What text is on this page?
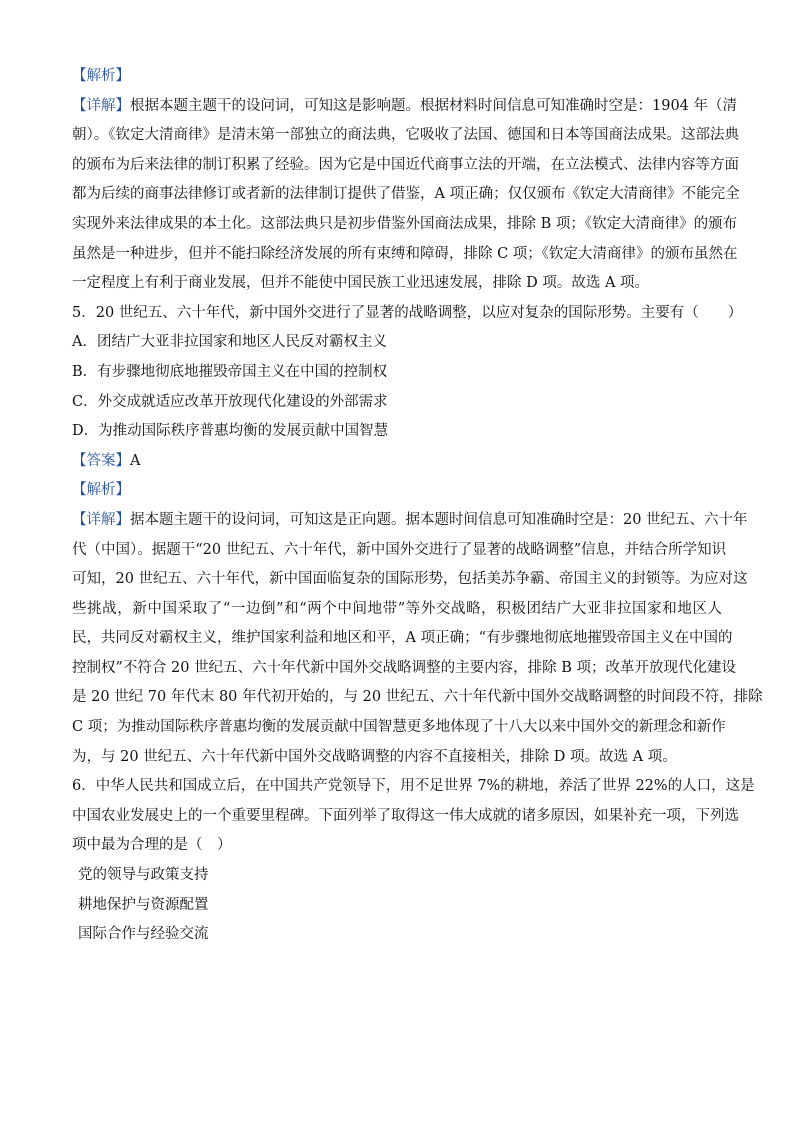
【解析】
【详解】根据本题主题干的设问词，可知这是影响题。根据材料时间信息可知准确时空是：1904 年（清
朝）。《钦定大清商律》是清末第一部独立的商法典，它吸收了法国、德国和日本等国商法成果。这部法典
的颁布为后来法律的制订积累了经验。因为它是中国近代商事立法的开端，在立法模式、法律内容等方面
都为后续的商事法律修订或者新的法律制订提供了借鉴，A 项正确；仅仅颁布《钦定大清商律》不能完全
实现外来法律成果的本土化。这部法典只是初步借鉴外国商法成果，排除 B 项；《钦定大清商律》的颁布
虽然是一种进步，但并不能扫除经济发展的所有束缚和障碍，排除 C 项；《钦定大清商律》的颁布虽然在
一定程度上有利于商业发展，但并不能使中国民族工业迅速发展，排除 D 项。故选 A 项。
5．20 世纪五、六十年代，新中国外交进行了显著的战略调整，以应对复杂的国际形势。主要有（　　）
A．团结广大亚非拉国家和地区人民反对霸权主义
B．有步骤地彻底地摧毁帝国主义在中国的控制权
C．外交成就适应改革开放现代化建设的外部需求
D．为推动国际秩序普惠均衡的发展贡献中国智慧
【答案】A
【解析】
【详解】据本题主题干的设问词，可知这是正向题。据本题时间信息可知准确时空是：20 世纪五、六十年
代（中国）。据题干“20 世纪五、六十年代，新中国外交进行了显著的战略调整”信息，并结合所学知识
可知，20 世纪五、六十年代，新中国面临复杂的国际形势，包括美苏争霸、帝国主义的封锁等。为应对这
些挑战，新中国采取了“一边倒”和“两个中间地带”等外交战略，积极团结广大亚非拉国家和地区人
民，共同反对霸权主义，维护国家利益和地区和平，A 项正确；“有步骤地彻底地摧毁帝国主义在中国的
控制权”不符合 20 世纪五、六十年代新中国外交战略调整的主要内容，排除 B 项；改革开放现代化建设
是 20 世纪 70 年代末 80 年代初开始的，与 20 世纪五、六十年代新中国外交战略调整的时间段不符，排除
C 项；为推动国际秩序普惠均衡的发展贡献中国智慧更多地体现了十八大以来中国外交的新理念和新作
为，与 20 世纪五、六十年代新中国外交战略调整的内容不直接相关，排除 D 项。故选 A 项。
6．中华人民共和国成立后，在中国共产党领导下，用不足世界 7%的耕地，养活了世界 22%的人口，这是
中国农业发展史上的一个重要里程碑。下面列举了取得这一伟大成就的诸多原因，如果补充一项，下列选
项中最为合理的是（　）
党的领导与政策支持
耕地保护与资源配置
国际合作与经验交流
